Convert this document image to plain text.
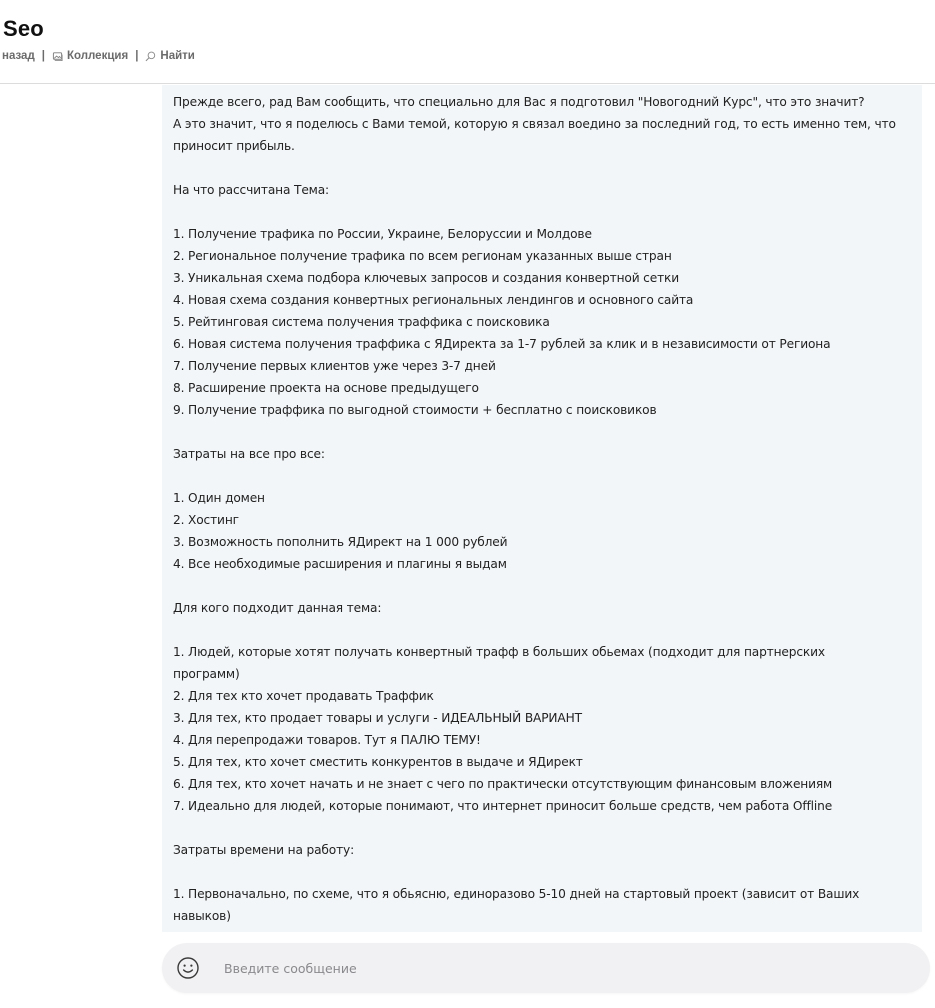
Seo
назад | Коллекция | Найти
Прежде всего, рад Вам сообщить, что специально для Вас я подготовил "Новогодний Курс", что это значит?
А это значит, что я поделюсь с Вами темой, которую я связал воедино за последний год, то есть именно тем, что
приносит прибыль.
На что рассчитана Тема:
1. Получение трафика по России, Украине, Белоруссии и Молдове
2. Региональное получение трафика по всем регионам указанных выше стран
3. Уникальная схема подбора ключевых запросов и создания конвертной сетки
4. Новая схема создания конвертных региональных лендингов и основного сайта
5. Рейтинговая система получения траффика с поисковика
6. Новая система получения траффика с ЯДиректа за 1-7 рублей за клик и в независимости от Региона
7. Получение первых клиентов уже через 3-7 дней
8. Расширение проекта на основе предыдущего
9. Получение траффика по выгодной стоимости + бесплатно с поисковиков
Затраты на все про все:
1. Один домен
2. Хостинг
3. Возможность пополнить ЯДирект на 1 000 рублей
4. Все необходимые расширения и плагины я выдам
Для кого подходит данная тема:
1. Людей, которые хотят получать конвертный трафф в больших обьемах (подходит для партнерских
программ)
2. Для тех кто хочет продавать Траффик
3. Для тех, кто продает товары и услуги - ИДЕАЛЬНЫЙ ВАРИАНТ
4. Для перепродажи товаров. Тут я ПАЛЮ ТЕМУ!
5. Для тех, кто хочет сместить конкурентов в выдаче и ЯДирект
6. Для тех, кто хочет начать и не знает с чего по практически отсутствующим финансовым вложениям
7. Идеально для людей, которые понимают, что интернет приносит больше средств, чем работа Offline
Затраты времени на работу:
1. Первоначально, по схеме, что я обьясню, единоразово 5-10 дней на стартовый проект (зависит от Ваших
навыков)
Введите сообщение
